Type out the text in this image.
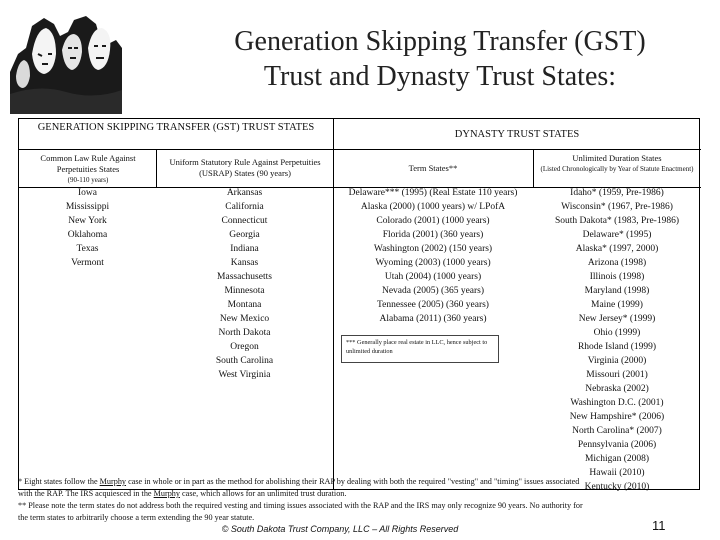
Generation Skipping Transfer (GST)
Trust and Dynasty Trust States:
GENERATION SKIPPING TRANSFER (GST) TRUST STATES
DYNASTY TRUST STATES
Common Law Rule Against Perpetuities States
(90-110 years)
Uniform Statutory Rule Against Perpetuities (USRAP) States (90 years)	Term States**
Unlimited Duration States
(Listed Chronologically by Year of Statute Enactment)
Iowa
Mississippi
New York
Oklahoma
Texas
Vermont
Arkansas
California
Connecticut
Georgia
Indiana
Kansas
Massachusetts
Minnesota
Montana
New Mexico
North Dakota
Oregon
South Carolina
West Virginia
Delaware*** (1995) (Real Estate 110 years)
Alaska (2000) (1000 years) w/ LPofA
Colorado (2001) (1000 years)
Florida (2001) (360 years)
Washington (2002) (150 years)
Wyoming (2003) (1000 years)
Utah (2004) (1000 years)
Nevada (2005) (365 years)
Tennessee (2005) (360 years)
Alabama (2011) (360 years)
Idaho* (1959, Pre-1986)
Wisconsin* (1967, Pre-1986)
South Dakota* (1983, Pre-1986)
Delaware* (1995)
Alaska* (1997, 2000)
Arizona (1998)
Illinois (1998)
Maryland (1998)
Maine (1999)
New Jersey* (1999)
Ohio (1999)
Rhode Island (1999)
Virginia (2000)
Missouri (2001)
Nebraska (2002)
Washington D.C. (2001)
New Hampshire* (2006)
North Carolina* (2007)
Pennsylvania (2006)
Michigan (2008)
Hawaii (2010)
Kentucky (2010)
*** Generally place real estate in LLC, hence subject to unlimited duration

* Eight states follow the Murphy case in whole or in part as the method for abolishing their RAP by dealing with both the required "vesting" and "timing" issues associated

with the RAP. The IRS acquiesced in the Murphy case, which allows for an unlimited trust duration.

** Please note the term states do not address both the required vesting and timing issues associated with the RAP and the IRS may only recognize 90 years. No authority for

the term states to arbitrarily choose a term extending the 90 year statute.

© South Dakota Trust Company, LLC – All Rights Reserved	11
